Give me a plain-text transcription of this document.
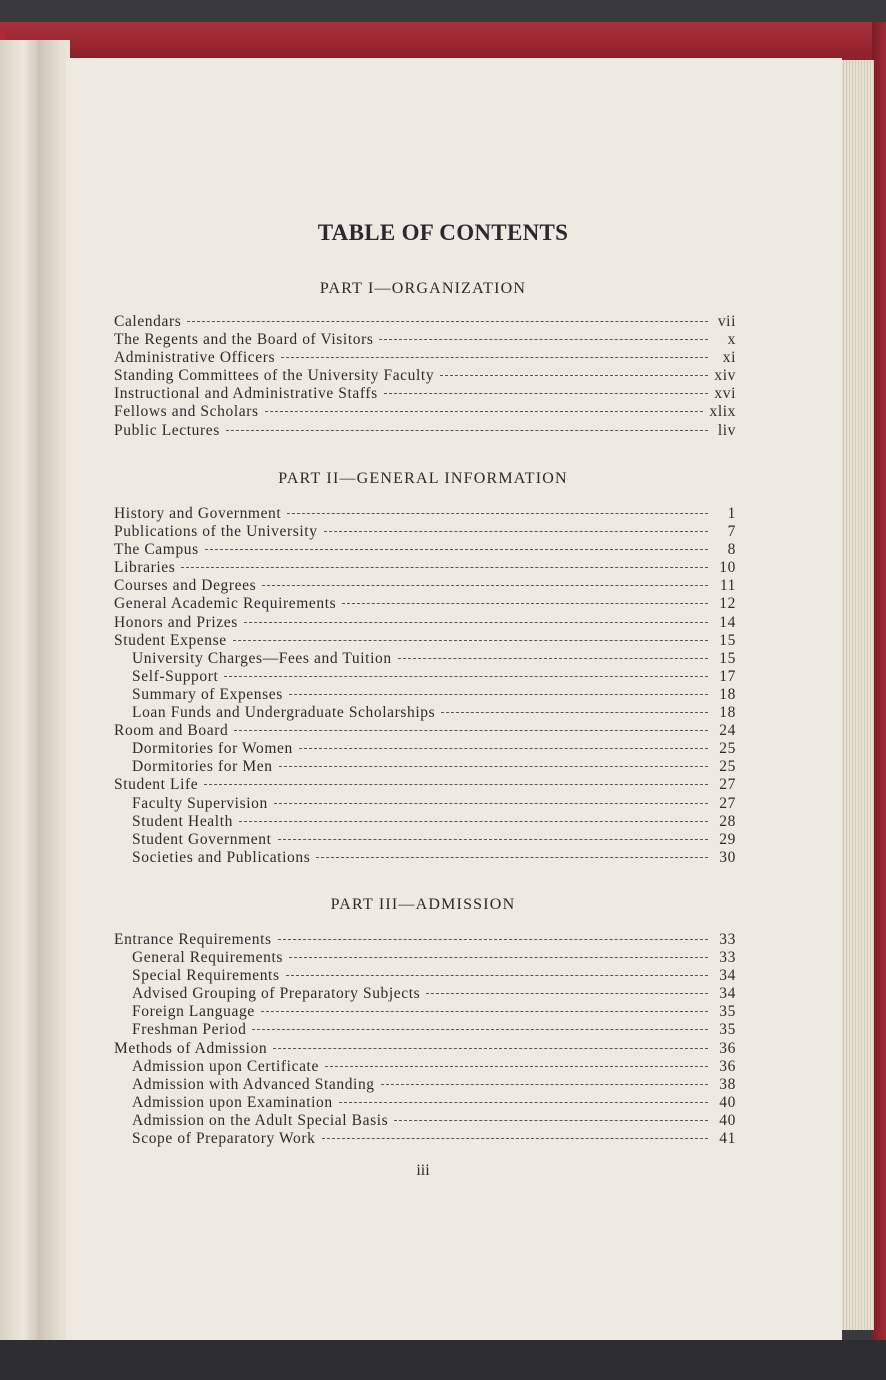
TABLE OF CONTENTS
PART I—ORGANIZATION
Calendars	vii
The Regents and the Board of Visitors	x
Administrative Officers	xi
Standing Committees of the University Faculty	xiv
Instructional and Administrative Staffs	xvi
Fellows and Scholars	xlix
Public Lectures	liv
PART II—GENERAL INFORMATION
History and Government	1
Publications of the University	7
The Campus	8
Libraries	10
Courses and Degrees	11
General Academic Requirements	12
Honors and Prizes	14
Student Expense	15
University Charges—Fees and Tuition	15
Self-Support	17
Summary of Expenses	18
Loan Funds and Undergraduate Scholarships	18
Room and Board	24
Dormitories for Women	25
Dormitories for Men	25
Student Life	27
Faculty Supervision	27
Student Health	28
Student Government	29
Societies and Publications	30
PART III—ADMISSION
Entrance Requirements	33
General Requirements	33
Special Requirements	34
Advised Grouping of Preparatory Subjects	34
Foreign Language	35
Freshman Period	35
Methods of Admission	36
Admission upon Certificate	36
Admission with Advanced Standing	38
Admission upon Examination	40
Admission on the Adult Special Basis	40
Scope of Preparatory Work	41
iii
